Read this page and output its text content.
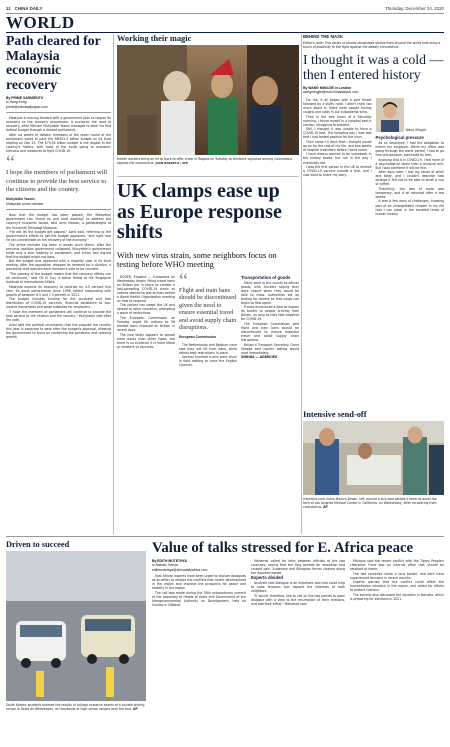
11 CHINA DAILY	Thursday, December 24, 2020
WORLD
Path cleared for Malaysia economic recovery
By PRIME SARMIENTO
in Hong Kong
prime@chinadailyapac.com

Malaysia is moving forward with a government plan to reopen its economy to the recovery procedures. It anchored the road to recovery, after Minister Muhyiddin Yassin managed to steer his first federal budget through a divided parliament.

After six weeks of debate, members of the lower house of the parliament voted to pass the RM322.5 billion budget on its third reading on Dec 15. The $79.54 billion budget is the largest in the country's history, with most of the funds going to economic stimulus and measures to fight COVID-19.

“
I hope the members of parliament will continue to provide the best service to the citizens and the country.
Muhyiddin Yassin,
Malaysian prime minister

Now that the budget has been passed, the Malaysian government can "move on and start working" to address the country's economic issues, said Azmi Hassan, a geostrategist at the Universiti Teknologi Malaysia.

"He will let the budget get passed," Azmi said, referring to the government's efforts to get the budget approved, "and right now he can concentrate on the recovery of the economy."

The prime minister has been in power since March, after the previous coalition government collapsed. Muhyiddin's government holds only a slim majority in parliament, and critics had argued that the budget might not pass.

But the budget was approved with a majority vote in its third reading, after the opposition dropped its demand for a division, a procedure that requires each member's vote to be counted.

"The passing of the budget means that the recovery efforts can be continued," said Oh Ei Sun, a senior fellow at the Singapore Institute of International Affairs.

Malaysia expects its economy to contract by 4.5 percent this year, its worst performance since 1998, before rebounding with growth of between 6.5 and 7.5 percent in 2021.

The budget includes funding for the purchase and free distribution of COVID-19 vaccines, financial assistance to low-income households and wage subsidies for employers.

"I hope the members of parliament will continue to provide the best service to the citizens and the country," Muhyiddin said after the vote.

Azmi said the political uncertainty that has plagued the country this year is expected to ease after the budget's approval, allowing the government to focus on containing the pandemic and reviving growth.

Working their magic
Health workers bring an elf to work to offer cheer in Bogota on Tuesday to reinforce vigilance among Colombians against the coronavirus. JUAN BARRETO / AFP
UK clamps ease up as Europe response shifts
With new virus strain, some neighbors focus on testing before WHO meeting

DOVER, England — Europeans on Wednesday began lifting travel bans on Britain put in place to contain a fast-spreading COVID-19 strain as nations started to test arrivals before a World Health Organization meeting on how to respond.

The variant has swept the UK and spread to other countries, prompting a wave of restrictions.

The European Commission on Tuesday urged EU nations to lift blanket bans imposed on Britain in recent days.

The new strain appears to spread more easily than other types, but there is no evidence it is more lethal or resistant to vaccines.

“
Flight and train bans should be discontinued given the need to ensure essential travel and avoid supply chain disruptions.
European Commission

The Netherlands and Belgium have said they will lift their bans, while others kept restrictions in place.

Several hundred trucks were stuck in Kent waiting to cross the English Channel.

Transportation of goods

Many were in the county to deliver goods, with truckers saying they were unsure when they would be able to cross. Authorities set up testing for drivers so that cargo can begin to flow again.

France announced a deal to reopen its border to people arriving from Britain, as long as they test negative for COVID-19.

The European Commission said flight and train bans should be discontinued to ensure essential travel and avoid supply chain disruptions.

Britain's Transport Secretary Grant Shapps said haulier testing would start immediately.

XINHUA — AGENCIES

BEHIND THE MASK
Editor's note: This series of stories showcases stories from around the world that bring a touch of positivity to the fight against the deadly coronavirus.
I thought it was a cold — then I entered history
By WANG MINGJIE in London
wangmingjie@mail.chinadailyuk.com

For me, it all began with a sore throat followed by a stuffy nose. I didn't think too much about it; there were people having coughs and colds in our outpatients wing.

Then in the wee hours of a Saturday morning, I found myself in a hospital bed in London, struggling to breathe.

Still, I thought it was unable to have a COVID-19 test. The following day I was told that I had tested positive for the virus.

Then came 10 days that I thought would go on for the rest of my life, and two weeks of hospital treatment before I went home.

I have always wanted to be somebody in the history books, but not in the way I eventually did.

I was the first person in the UK to receive a COVID-19 vaccine outside a trial, and I now want to share my story.

Wang Mingjie
Psychological pressure

As an employee, I had the obligation to inform my employer. While my office was going through the worst period, I had to go into self-isolation, continued by fear.

Knowing that it is COVID-19, I felt more of a psychological strain than a physical one. But I was confident it will be fine.

After days later, I lost my sense of smell and taste, and I couldn't describe how strange it felt not to be able to smell a cup of coffee.

Thankfully, the loss of taste was temporary, and it all returned after a few weeks.

It was a few days of challenges, knowing part of an unforgettable chapter in my life that I can place in the troubled times of human history.

Intensive send-off
Intensive-care nurse Monica Brown, left, moved a sick-bed patient's room to avoid the tech of Los Angeles Medical Center in California, on Wednesday, after recovering from coronavirus. AP
Driven to succeed
South Korean students oversee the results of collage entrance exams at a private driving school in Seoul on Wednesday, as thousands of high school seniors took the test. AP
Value of talks stressed for E. Africa peace
By EDITH MUTETHYA
in Nairobi, Kenya
edithmutethya@chinadailyafrica.com

East African experts have been urged to explore dialogues as an effort to resolve the conflicts that hinder development in the region and improve the prospects for peace and stability in the region.

The call was made during the 38th extraordinary summit of the Assembly of Heads of State and Government of the Intergovernmental Authority on Development, held on Sunday in Djibouti.

Mahamat called for talks between officials of the two countries, saying that the long periods for resolution had caused pain. Sudanese and Ethiopian forces clashed along the disputed border.

Experts divided

Analysts said dialogue is an important tool that could help to ease tensions and expand the interests of both neighbors.

"It would, therefore, like to call on the two parties to open dialogue with a view to the resumption of their relations, and add their effort," Mahamat said.

Ethiopia said the recent conflict with the Tigray People's Liberation Front was an internal affair that should be resolved at home.

The two countries share a long border, and both have experienced tensions in recent months.

Experts warned that the conflict could affect the humanitarian situation in the region, and called for efforts to protect civilians.

The summit also discussed the situation in Somalia, which is preparing for elections in 2021.
